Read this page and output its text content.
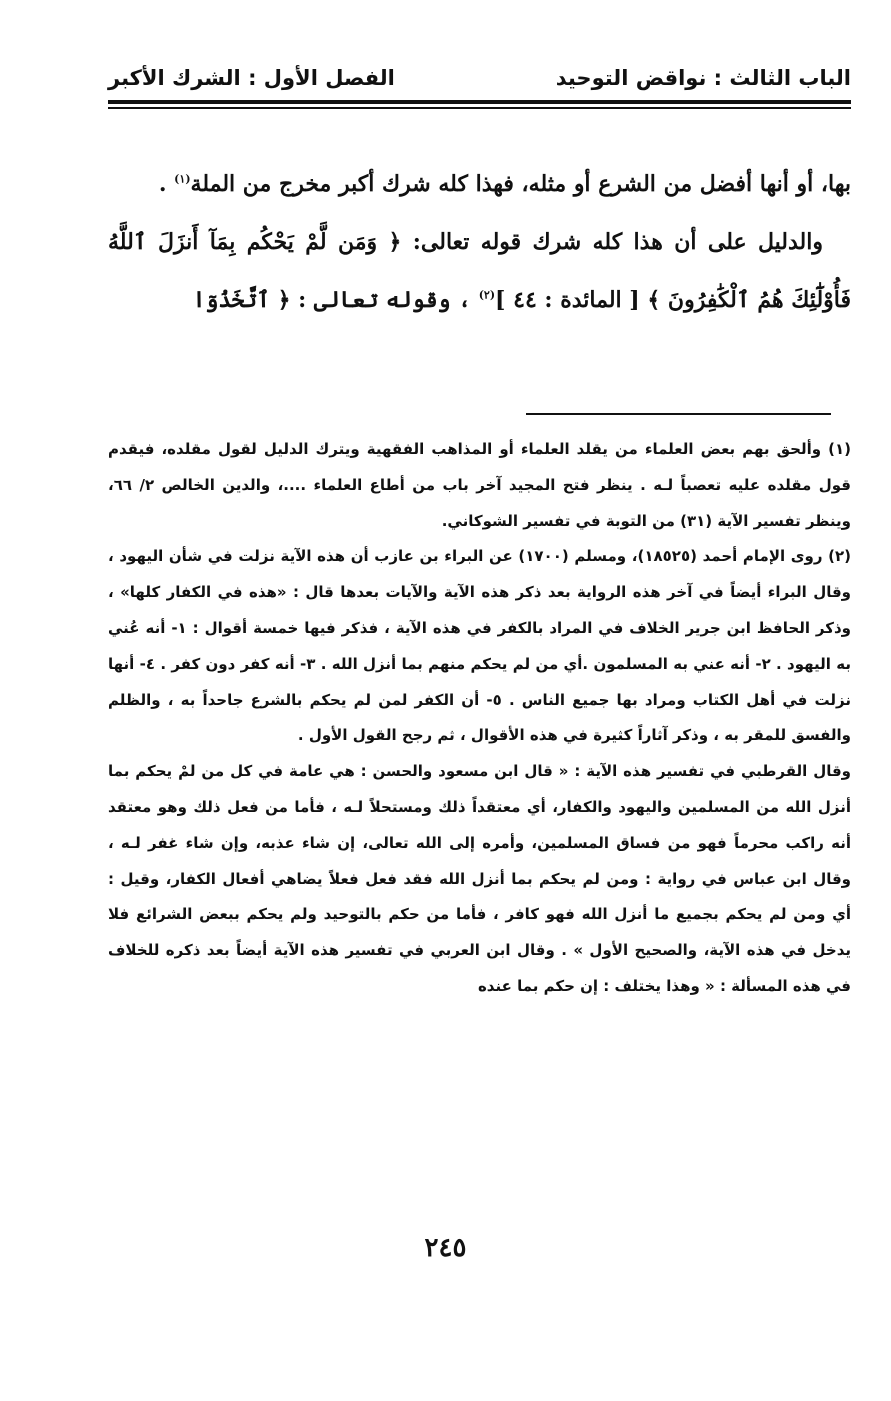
الباب الثالث : نواقض التوحيد
الفصل الأول : الشرك الأكبر

بها، أو أنها أفضل من الشرع أو مثله، فهذا كله شرك أكبر مخرج من الملة$^{(١)}$ .

والدليل على أن هذا كله شرك قوله تعالى: ﴿ وَمَن لَّمْ يَحْكُم بِمَآ أَنزَلَ ٱللَّهُ فَأُوْلَٰٓئِكَ هُمُ ٱلْكَٰفِرُونَ ﴾ [ المائدة : ٤٤ ]$^{(٢)}$ ، وقوله تعالى : ﴿ ٱتَّخَذُوٓا

(١) وألحق بهم بعض العلماء من يقلد العلماء أو المذاهب الفقهية ويترك الدليل لقول مقلده، فيقدم قول مقلده عليه تعصباً لـه . ينظر فتح المجيد آخر باب من أطاع العلماء ....، والدين الخالص ٢/ ٦٦، وينظر تفسير الآية (٣١) من التوبة في تفسير الشوكاني.

(٢) روى الإمام أحمد (١٨٥٢٥)، ومسلم (١٧٠٠) عن البراء بن عازب أن هذه الآية نزلت في شأن اليهود ، وقال البراء أيضاً في آخر هذه الرواية بعد ذكر هذه الآية والآيات بعدها قال : «هذه في الكفار كلها» ، وذكر الحافظ ابن جرير الخلاف في المراد بالكفر في هذه الآية ، فذكر فيها خمسة أقوال : ١- أنه عُني به اليهود . ٢- أنه عني به المسلمون .أي من لم يحكم منهم بما أنزل الله . ٣- أنه كفر دون كفر . ٤- أنها نزلت في أهل الكتاب ومراد بها جميع الناس . ٥- أن الكفر لمن لم يحكم بالشرع جاحداً به ، والظلم والفسق للمقر به ، وذكر آثاراً كثيرة في هذه الأقوال ، ثم رجح القول الأول .

وقال القرطبي في تفسير هذه الآية : « قال ابن مسعود والحسن : هي عامة في كل من لمْ يحكم بما أنزل الله من المسلمين واليهود والكفار، أي معتقداً ذلك ومستحلاً لـه ، فأما من فعل ذلك وهو معتقد أنه راكب محرماً فهو من فساق المسلمين، وأمره إلى الله تعالى، إن شاء عذبه، وإن شاء غفر لـه ، وقال ابن عباس في رواية : ومن لم يحكم بما أنزل الله فقد فعل فعلاً يضاهي أفعال الكفار، وقيل : أي ومن لم يحكم بجميع ما أنزل الله فهو كافر ، فأما من حكم بالتوحيد ولم يحكم ببعض الشرائع فلا يدخل في هذه الآية، والصحيح الأول » . وقال ابن العربي في تفسير هذه الآية أيضاً بعد ذكره للخلاف في هذه المسألة : « وهذا يختلف : إن حكم بما عنده

٢٤٥
